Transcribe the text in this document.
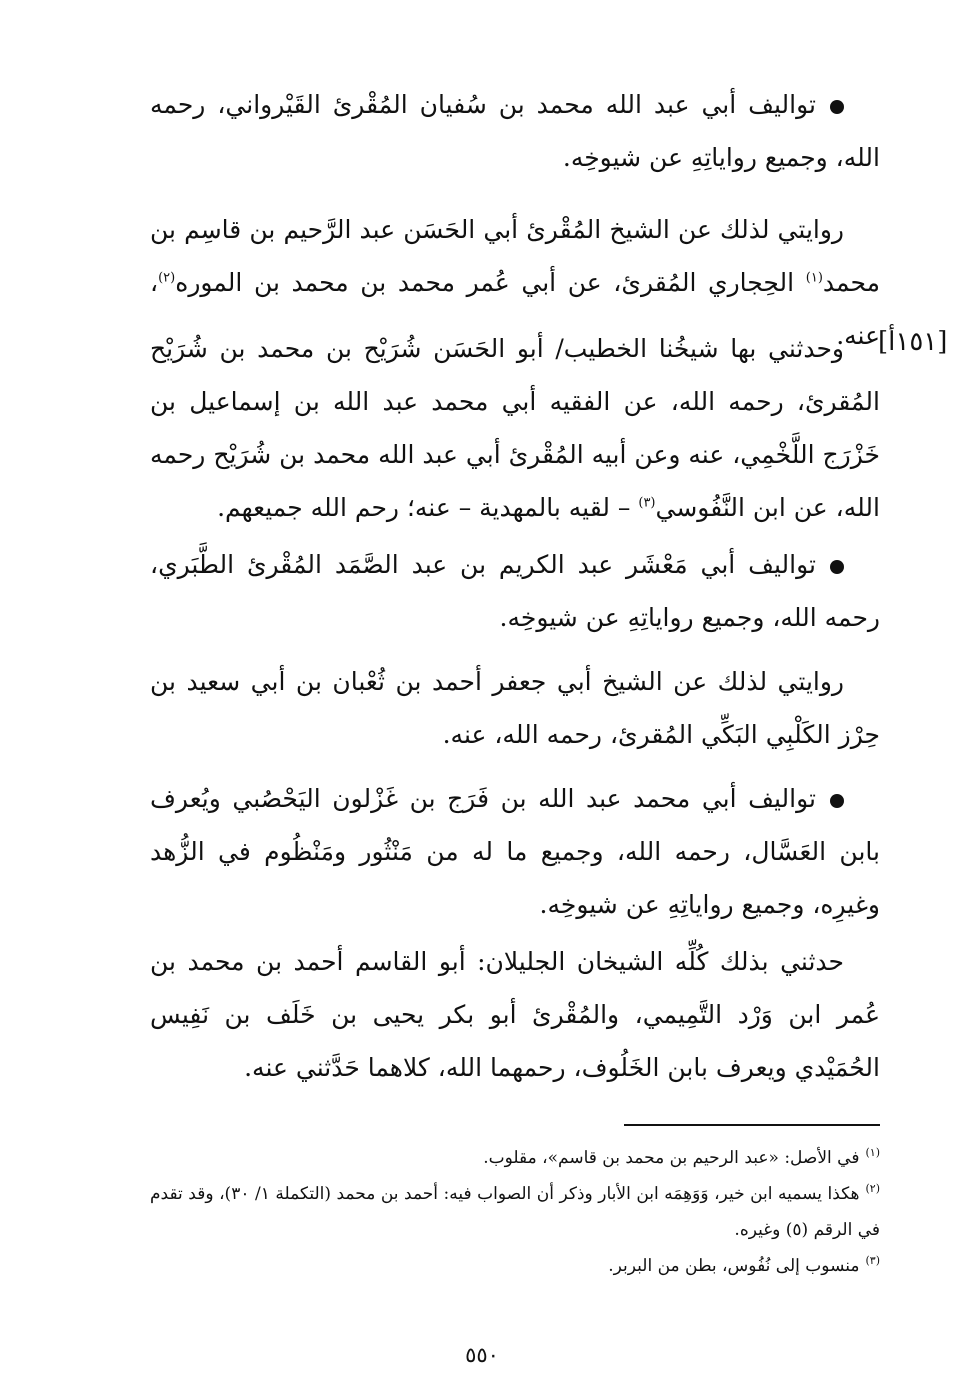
[١٥١أ]
تواليف أبي عبد الله محمد بن سُفيان المُقْرئ القَيْرواني، رحمه الله، وجميع رواياتِهِ عن شيوخِه.
روايتي لذلك عن الشيخ المُقْرئ أبي الحَسَن عبد الرَّحيم بن قاسِم بن محمد$^{(١)}$ الحِجاري المُقرئ، عن أبي عُمر محمد بن محمد بن الموره$^{(٢)}$، عنه.
وحدثني بها شيخُنا الخطيب/ أبو الحَسَن شُرَيْح بن محمد بن شُرَيْح المُقرئ، رحمه الله، عن الفقيه أبي محمد عبد الله بن إسماعيل بن خَزْرَج اللَّخْمِي، عنه وعن أبيه المُقْرئ أبي عبد الله محمد بن شُرَيْح رحمه الله، عن ابن النَّفُوسي$^{(٣)}$ – لقيه بالمهدية – عنه؛ رحم الله جميعهم.
تواليف أبي مَعْشَر عبد الكريم بن عبد الصَّمَد المُقْرئ الطَّبَري، رحمه الله، وجميع رواياتِهِ عن شيوخِه.
روايتي لذلك عن الشيخ أبي جعفر أحمد بن ثُعْبان بن أبي سعيد بن حِرْز الكَلْبِي البَكِّي المُقرئ، رحمه الله، عنه.
تواليف أبي محمد عبد الله بن فَرَج بن غَزْلون اليَحْصُبي ويُعرف بابن العَسَّال، رحمه الله، وجميع ما له من مَنْثُور ومَنْظُوم في الزُّهد وغيرِه، وجميع رواياتِهِ عن شيوخِه.
حدثني بذلك كُلِّه الشيخان الجليلان: أبو القاسم أحمد بن محمد بن عُمر ابن وَرْد التَّمِيمي، والمُقْرئ أبو بكر يحيى بن خَلَف بن نَفِيس الحُمَيْدي ويعرف بابن الخَلُوف، رحمهما الله، كلاهما حَدَّثني عنه.
$^{(١)}$في الأصل: «عبد الرحيم بن محمد بن قاسم»، مقلوب.
$^{(٢)}$هكذا يسميه ابن خير، وَوَهِمَه ابن الأبار وذكر أن الصواب فيه: أحمد بن محمد (التكملة ١/ ٣٠)، وقد تقدم في الرقم (٥) وغيره.
$^{(٣)}$منسوب إلى نُفُوس، بطن من البربر.
٥٥٠
